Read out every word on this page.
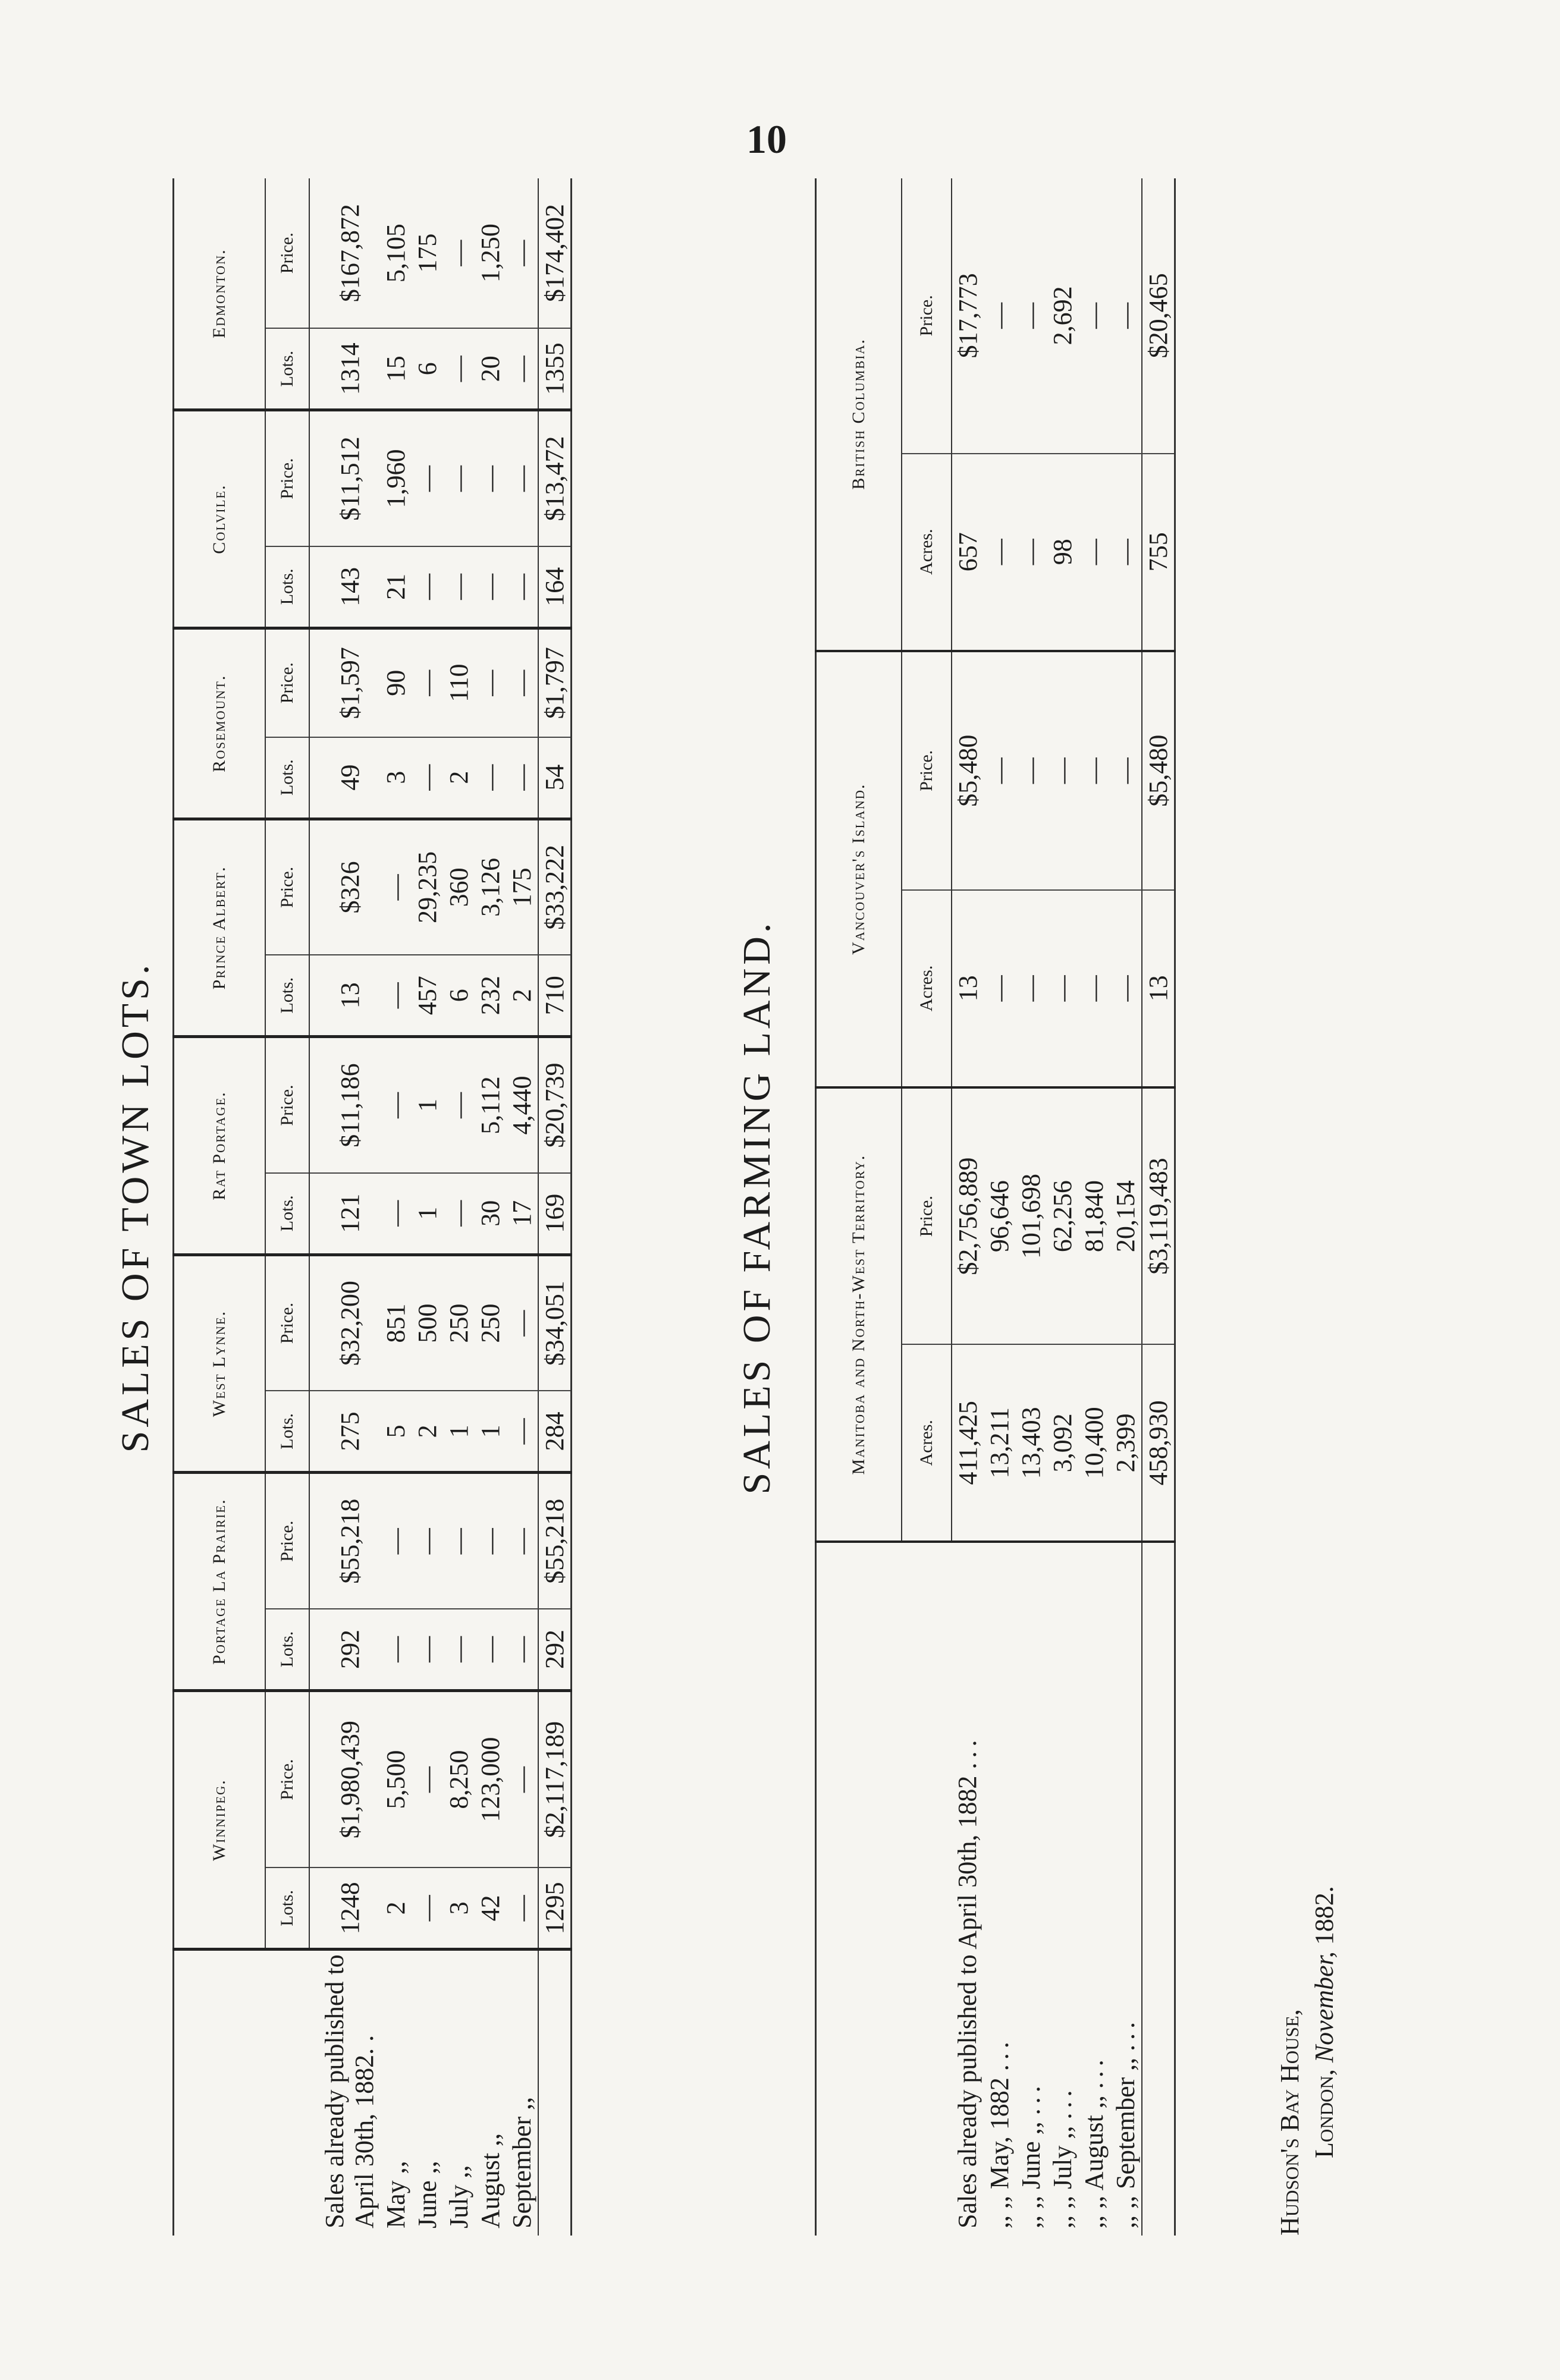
10
SALES OF TOWN LOTS.
	Winnipeg.		Portage La Prairie.		West Lynne.		Rat Portage.		Prince Albert.		Rosemount.		Colvile.		Edmonton.	
	Lots.	Price.	Lots.	Price.	Lots.	Price.	Lots.	Price.	Lots.	Price.	Lots.	Price.	Lots.	Price.	Lots.	Price.
Sales already published to April 30th, 1882. .	1248	$1,980,439	292	$55,218	275	$32,200	121	$11,186	13	$326	49	$1,597	143	$11,512	1314	$167,872
May ,,	2	5,500	—	—	5	851	—	—	—	—	3	90	21	1,960	15	5,105
June ,,	—	—	—	—	2	500	1	1	457	29,235	—	—	—	—	6	175
July ,,	3	8,250	—	—	1	250	—	—	6	360	2	110	—	—	—	—
August ,,	42	123,000	—	—	1	250	30	5,112	232	3,126	—	—	—	—	20	1,250
September ,,	—	—	—	—	—	—	17	4,440	2	175	—	—	—	—	—	—
	1295	$2,117,189	292	$55,218	284	$34,051	169	$20,739	710	$33,222	54	$1,797	164	$13,472	1355	$174,402
SALES OF FARMING LAND.
		Manitoba and North-West Territory.		Vancouver's Island.		British Columbia.	
	Acres.	Price.	Acres.	Price.	Acres.	Price.
Sales already published to April 30th, 1882 ...	411,425	$2,756,889	13	$5,480	657	$17,773
,, ,, May, 1882 ...	13,211	96,646	—	—	—	—
,, ,, June ,, ...	13,403	101,698	—	—	—	—
,, ,, July ,, ...	3,092	62,256	—	—	98	2,692
,, ,, August ,, ...	10,400	81,840	—	—	—	—
,, ,, September ,, ...	2,399	20,154	—	—	—	—
	458,930	$3,119,483	13	$5,480	755	$20,465
Hudson's Bay House, London, November, 1882.
